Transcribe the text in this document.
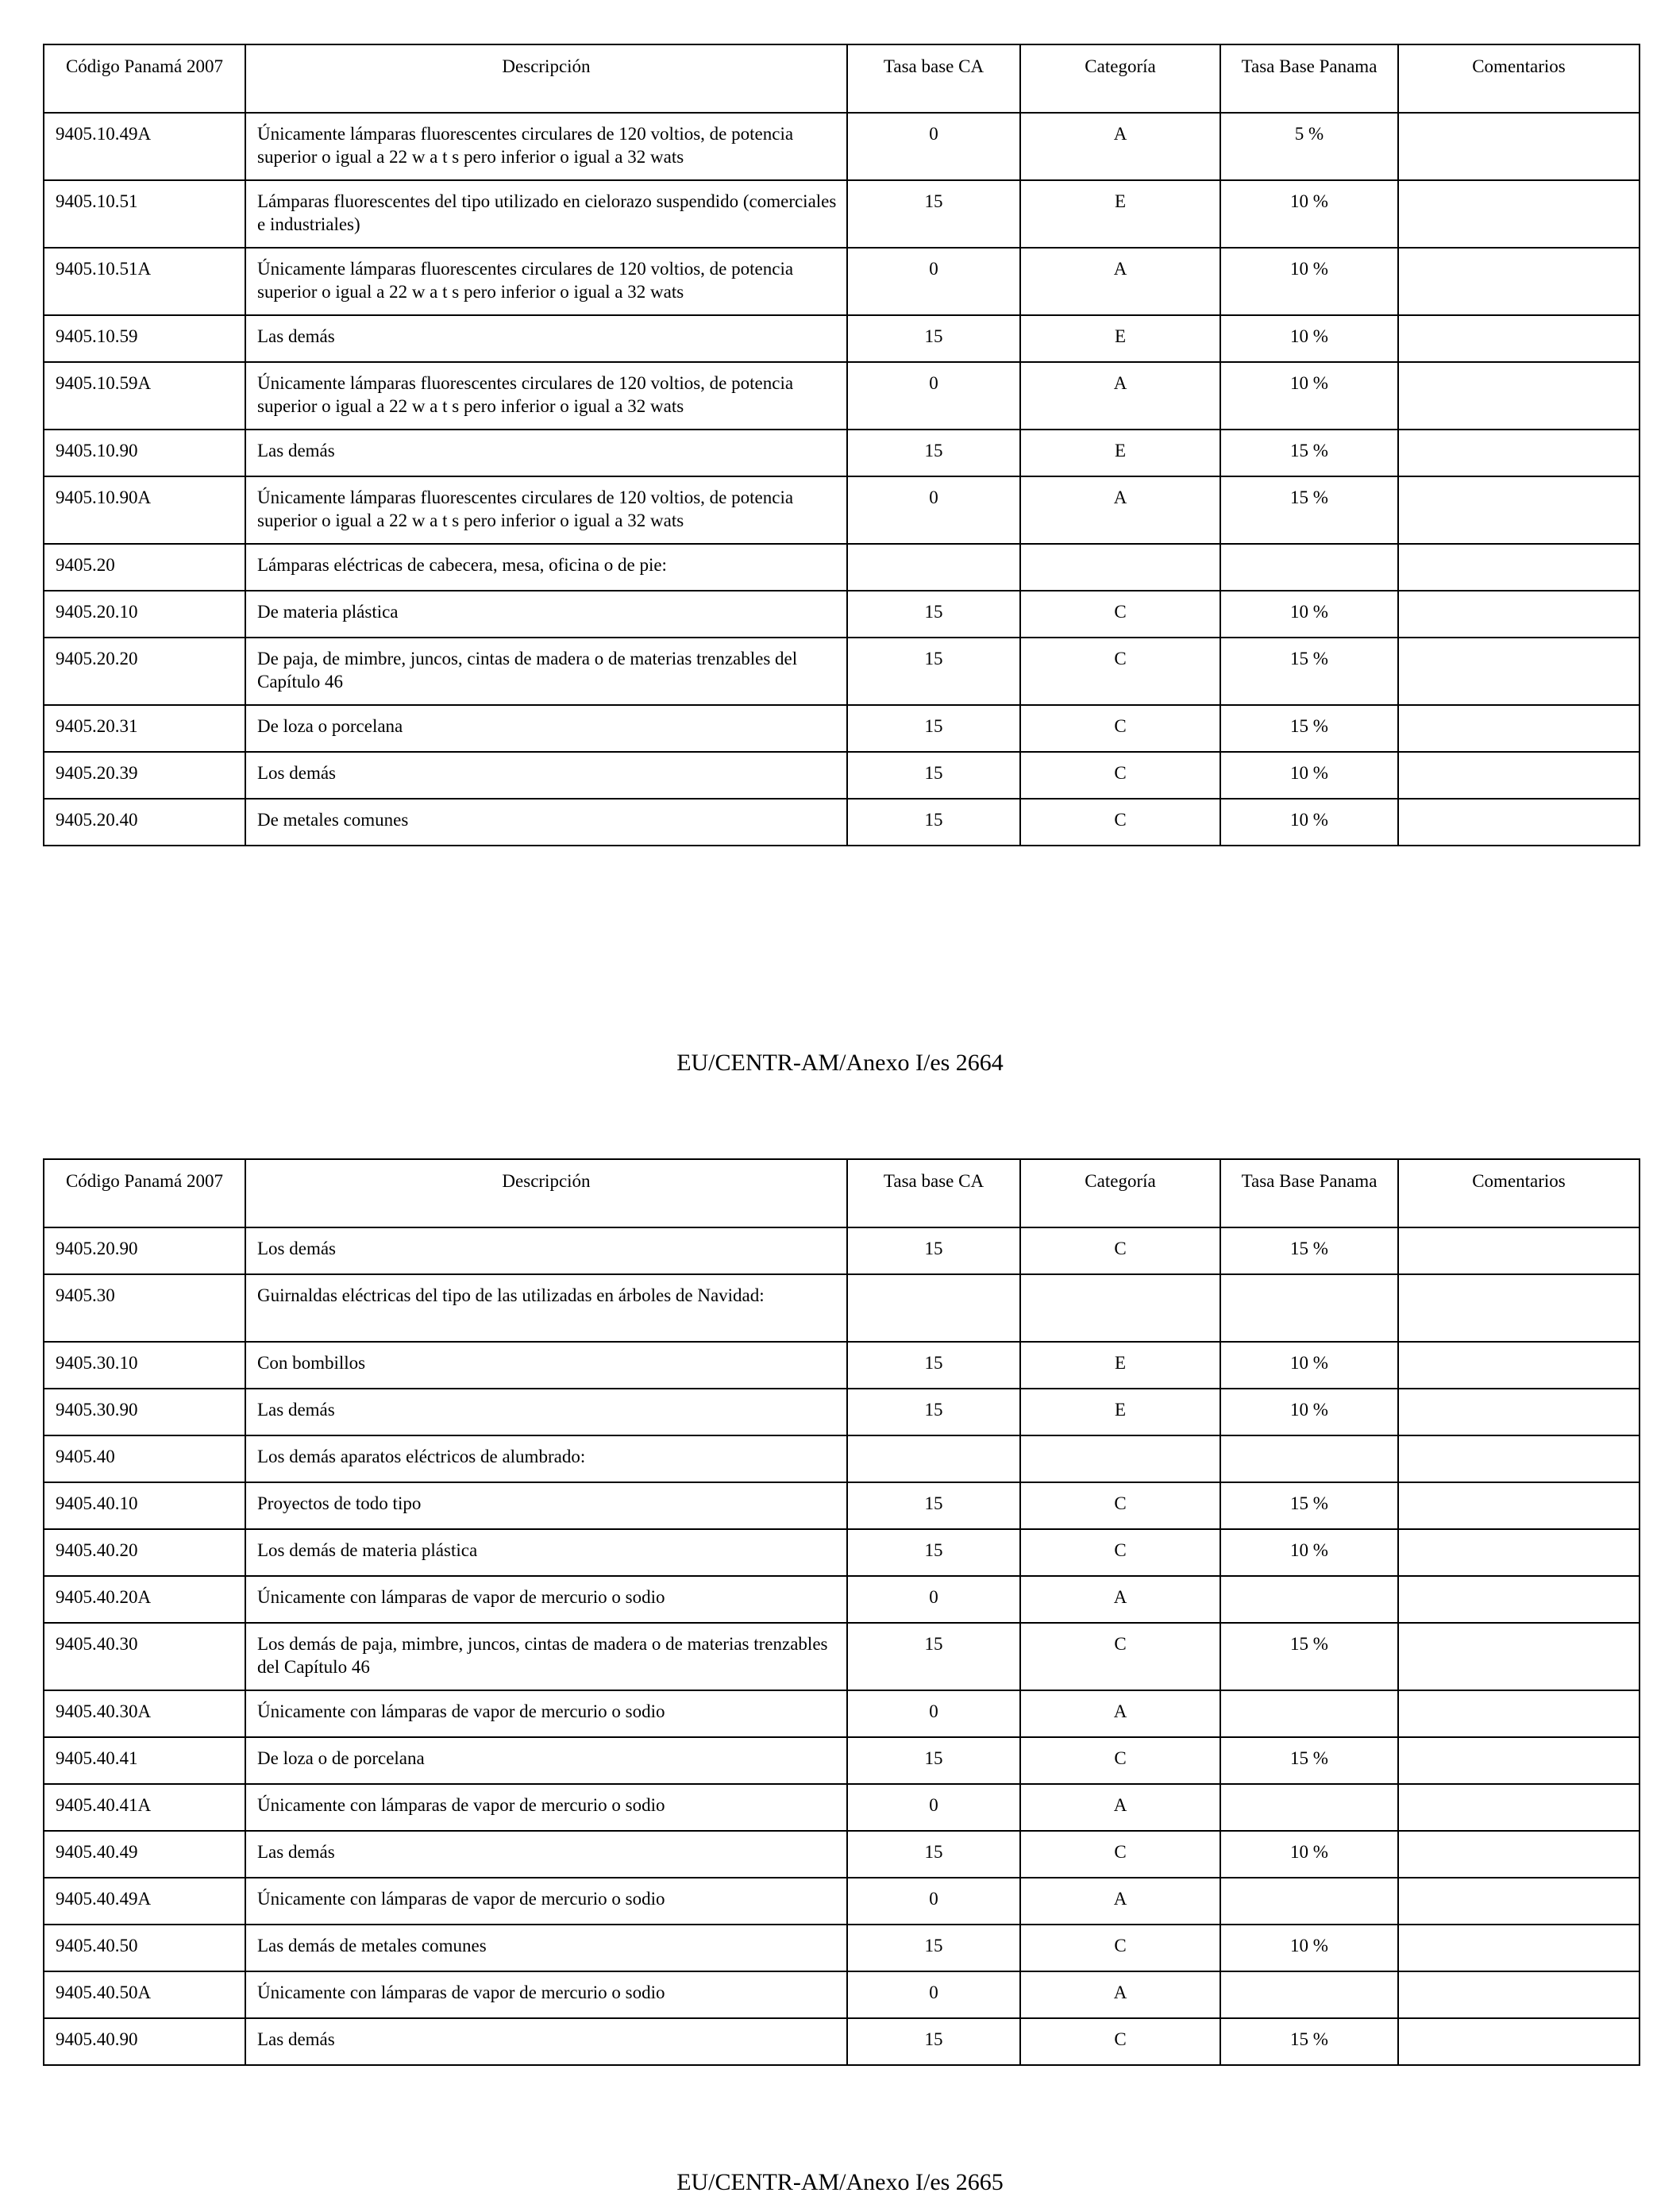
Código Panamá 2007	Descripción	Tasa base CA	Categoría	Tasa Base Panama	Comentarios
9405.10.49A	Únicamente lámparas fluorescentes circulares de 120 voltios, de potencia superior o igual a 22 w a t s pero inferior o igual a 32 wats	0	A	5 %	
9405.10.51	Lámparas fluorescentes del tipo utilizado en cielorazo suspendido (comerciales e industriales)	15	E	10 %	
9405.10.51A	Únicamente lámparas fluorescentes circulares de 120 voltios, de potencia superior o igual a 22 w a t s pero inferior o igual a 32 wats	0	A	10 %	
9405.10.59	Las demás	15	E	10 %	
9405.10.59A	Únicamente lámparas fluorescentes circulares de 120 voltios, de potencia superior o igual a 22 w a t s pero inferior o igual a 32 wats	0	A	10 %	
9405.10.90	Las demás	15	E	15 %	
9405.10.90A	Únicamente lámparas fluorescentes circulares de 120 voltios, de potencia superior o igual a 22 w a t s pero inferior o igual a 32 wats	0	A	15 %	
9405.20	Lámparas eléctricas de cabecera, mesa, oficina o de pie:				
9405.20.10	De materia plástica	15	C	10 %	
9405.20.20	De paja, de mimbre, juncos, cintas de madera o de materias trenzables del Capítulo 46	15	C	15 %	
9405.20.31	De loza o porcelana	15	C	15 %	
9405.20.39	Los demás	15	C	10 %	
9405.20.40	De metales comunes	15	C	10 %	
EU/CENTR-AM/Anexo I/es 2664
Código Panamá 2007	Descripción	Tasa base CA	Categoría	Tasa Base Panama	Comentarios
9405.20.90	Los demás	15	C	15 %	
9405.30	Guirnaldas eléctricas del tipo de las utilizadas en árboles de Navidad:				
9405.30.10	Con bombillos	15	E	10 %	
9405.30.90	Las demás	15	E	10 %	
9405.40	Los demás aparatos eléctricos de alumbrado:				
9405.40.10	Proyectos de todo tipo	15	C	15 %	
9405.40.20	Los demás de materia plástica	15	C	10 %	
9405.40.20A	Únicamente con lámparas de vapor de mercurio o sodio	0	A		
9405.40.30	Los demás de paja, mimbre, juncos, cintas de madera o de materias trenzables del Capítulo 46	15	C	15 %	
9405.40.30A	Únicamente con lámparas de vapor de mercurio o sodio	0	A		
9405.40.41	De loza o de porcelana	15	C	15 %	
9405.40.41A	Únicamente con lámparas de vapor de mercurio o sodio	0	A		
9405.40.49	Las demás	15	C	10 %	
9405.40.49A	Únicamente con lámparas de vapor de mercurio o sodio	0	A		
9405.40.50	Las demás de metales comunes	15	C	10 %	
9405.40.50A	Únicamente con lámparas de vapor de mercurio o sodio	0	A		
9405.40.90	Las demás	15	C	15 %	
EU/CENTR-AM/Anexo I/es 2665
